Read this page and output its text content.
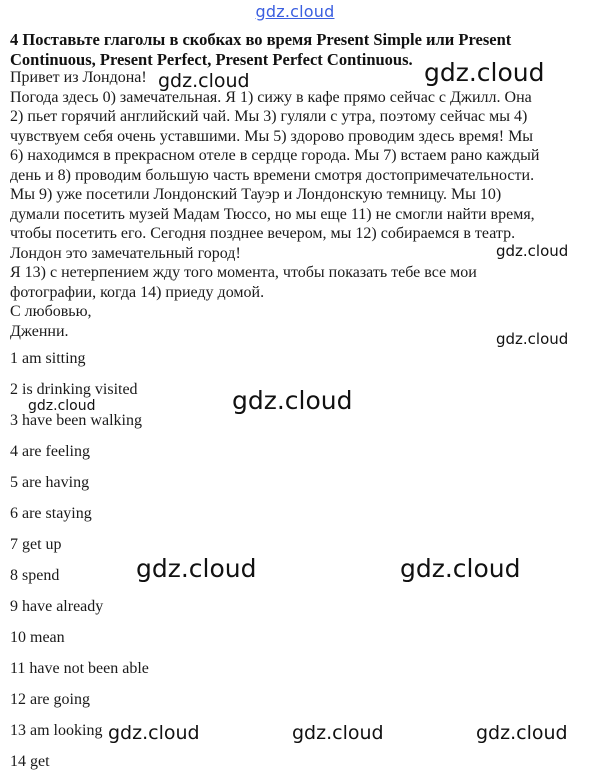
gdz.cloud
4 Поставьте глаголы в скобках во время Present Simple или Present
Continuous, Present Perfect, Present Perfect Continuous.

Привет из Лондона!

Погода здесь 0) замечательная. Я 1) сижу в кафе прямо сейчас с Джилл. Она

2) пьет горячий английский чай. Мы 3) гуляли с утра, поэтому сейчас мы 4)

чувствуем себя очень уставшими. Мы 5) здорово проводим здесь время! Мы

6) находимся в прекрасном отеле в сердце города. Мы 7) встаем рано каждый

день и 8) проводим большую часть времени смотря достопримечательности.

Мы 9) уже посетили Лондонский Тауэр и Лондонскую темницу. Мы 10)

думали посетить музей Мадам Тюссо, но мы еще 11) не смогли найти время,

чтобы посетить его. Сегодня позднее вечером, мы 12) собираемся в театр.

Лондон это замечательный город!

Я 13) с нетерпением жду того момента, чтобы показать тебе все мои

фотографии, когда 14) приеду домой.

С любовью,

Дженни.

1 am sitting
2 is drinking visited
3 have been walking
4 are feeling
5 are having
6 are staying
7 get up
8 spend
9 have already
10 mean
11 have not been able
12 are going
13 am looking
14 get
gdz.cloud	gdz.cloud
gdz.cloud
gdz.cloud
gdz.cloud	gdz.cloud
gdz.cloud	gdz.cloud
gdz.cloud	gdz.cloud	gdz.cloud
